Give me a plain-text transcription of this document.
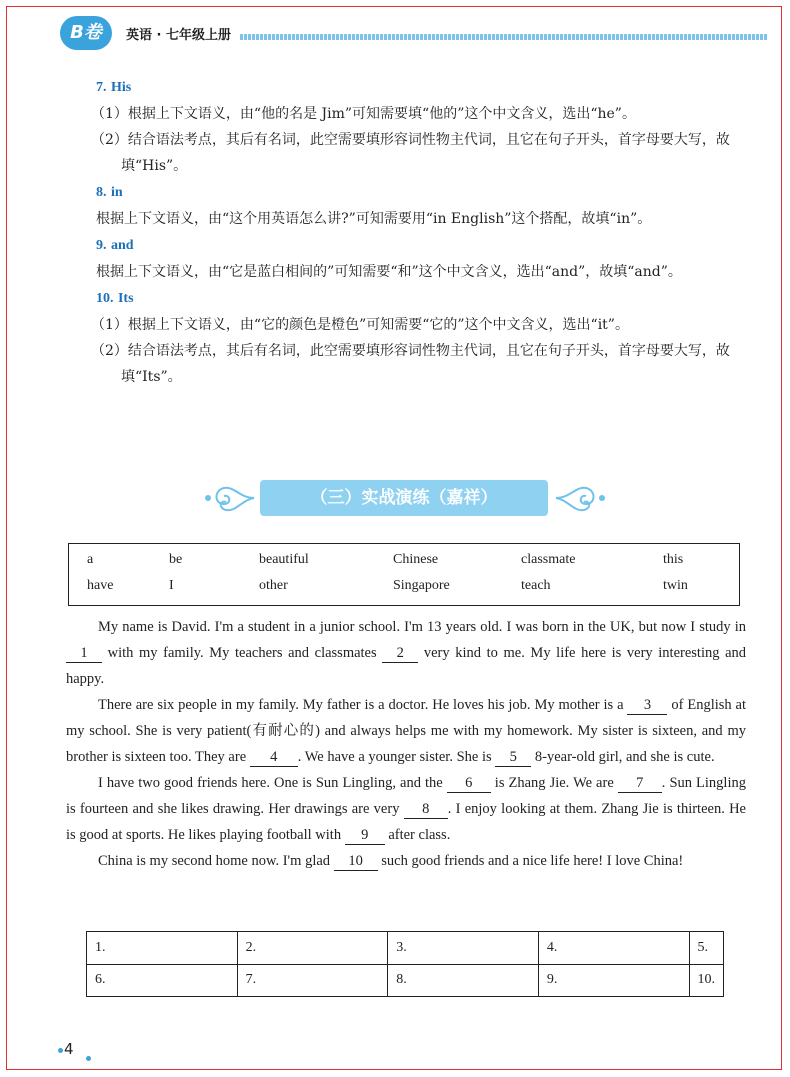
B卷	英语 · 七年级上册
7. His

（1）根据上下文语义，由“他的名是 Jim”可知需要填“他的”这个中文含义，选出“he”。

（2）结合语法考点，其后有名词，此空需要填形容词性物主代词，且它在句子开头，首字母要大写，故填“His”。

8. in

根据上下文语义，由“这个用英语怎么讲?”可知需要用“in English”这个搭配，故填“in”。

9. and

根据上下文语义，由“它是蓝白相间的”可知需要“和”这个中文含义，选出“and”，故填“and”。

10. Its

（1）根据上下文语义，由“它的颜色是橙色”可知需要“它的”这个中文含义，选出“it”。

（2）结合语法考点，其后有名词，此空需要填形容词性物主代词，且它在句子开头，首字母要大写，故填“Its”。

（三）实战演练（嘉祥）
a	be	beautiful	Chinese	classmate	this
have	I	other	Singapore	teach	twin

My name is David. I'm a student in a junior school. I'm 13 years old. I was born in the UK, but now I study in 1 with my family. My teachers and classmates 2 very kind to me. My life here is very interesting and happy.

There are six people in my family. My father is a doctor. He loves his job. My mother is a 3 of English at my school. She is very patient(有耐心的) and always helps me with my homework. My sister is sixteen, and my brother is sixteen too. They are 4 . We have a younger sister. She is 5 8-year-old girl, and she is cute.

I have two good friends here. One is Sun Lingling, and the 6 is Zhang Jie. We are 7 . Sun Lingling is fourteen and she likes drawing. Her drawings are very 8 . I enjoy looking at them. Zhang Jie is thirteen. He is good at sports. He likes playing football with 9 after class.

China is my second home now. I'm glad 10 such good friends and a nice life here! I love China!

1.	2.	3.	4.	5.
6.	7.	8.	9.	10.
4
